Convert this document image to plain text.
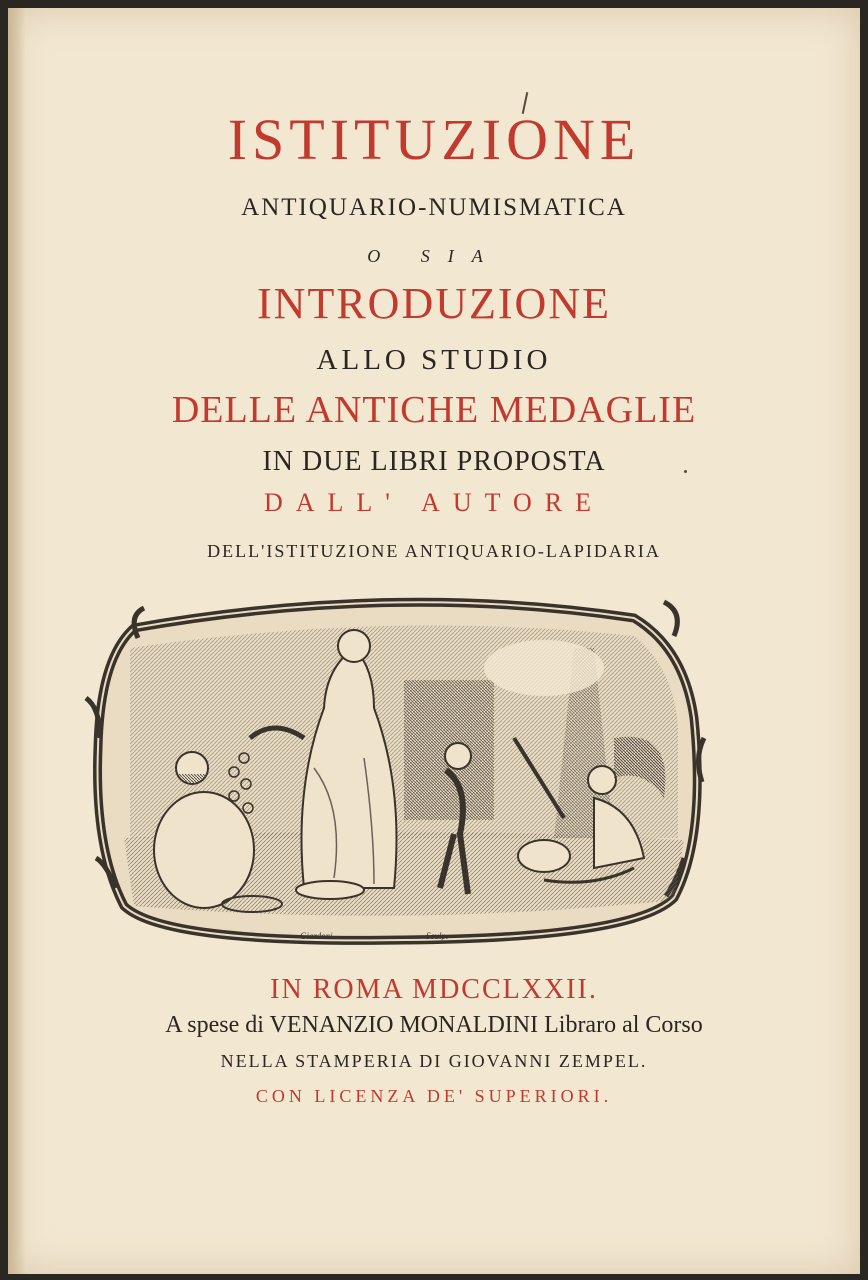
ISTITUZIONE
ANTIQUARIO-NUMISMATICA
O SIA
INTRODUZIONE
ALLO STUDIO
DELLE ANTICHE MEDAGLIE
IN DUE LIBRI PROPOSTA
DALL' AUTORE
DELL'ISTITUZIONE ANTIQUARIO-LAPIDARIA
Giardoni	Sculp.
IN ROMA MDCCLXXII.
A spese di VENANZIO MONALDINI Libraro al Corso
NELLA STAMPERIA DI GIOVANNI ZEMPEL.
CON LICENZA DE' SUPERIORI.
